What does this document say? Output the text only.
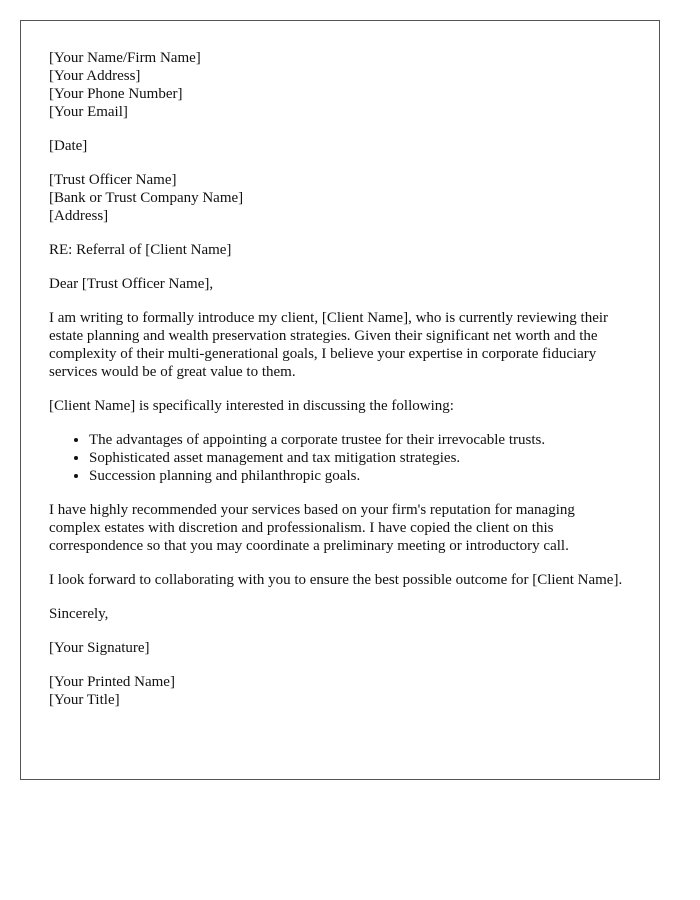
[Your Name/Firm Name]
[Your Address]
[Your Phone Number]
[Your Email]
[Date]
[Trust Officer Name]
[Bank or Trust Company Name]
[Address]

RE: Referral of [Client Name]

Dear [Trust Officer Name],

I am writing to formally introduce my client, [Client Name], who is currently reviewing their estate planning and wealth preservation strategies. Given their significant net worth and the complexity of their multi-generational goals, I believe your expertise in corporate fiduciary services would be of great value to them.

[Client Name] is specifically interested in discussing the following:

• The advantages of appointing a corporate trustee for their irrevocable trusts.
• Sophisticated asset management and tax mitigation strategies.
• Succession planning and philanthropic goals.

I have highly recommended your services based on your firm's reputation for managing complex estates with discretion and professionalism. I have copied the client on this correspondence so that you may coordinate a preliminary meeting or introductory call.

I look forward to collaborating with you to ensure the best possible outcome for [Client Name].

Sincerely,

[Your Signature]

[Your Printed Name]
[Your Title]
